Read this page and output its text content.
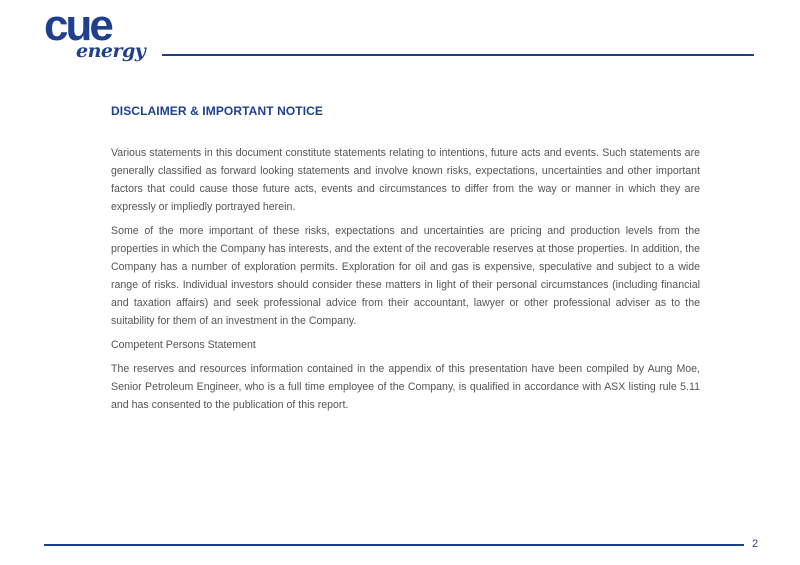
cue
energy
DISCLAIMER & IMPORTANT NOTICE

Various statements in this document constitute statements relating to intentions, future acts and events. Such statements are generally classified as forward looking statements and involve known risks, expectations, uncertainties and other important factors that could cause those future acts, events and circumstances to differ from the way or manner in which they are expressly or impliedly portrayed herein.

Some of the more important of these risks, expectations and uncertainties are pricing and production levels from the properties in which the Company has interests, and the extent of the recoverable reserves at those properties. In addition, the Company has a number of exploration permits. Exploration for oil and gas is expensive, speculative and subject to a wide range of risks. Individual investors should consider these matters in light of their personal circumstances (including financial and taxation affairs) and seek professional advice from their accountant, lawyer or other professional adviser as to the suitability for them of an investment in the Company.

Competent Persons Statement

The reserves and resources information contained in the appendix of this presentation have been compiled by Aung Moe, Senior Petroleum Engineer, who is a full time employee of the Company, is qualified in accordance with ASX listing rule 5.11 and has consented to the publication of this report.

2
